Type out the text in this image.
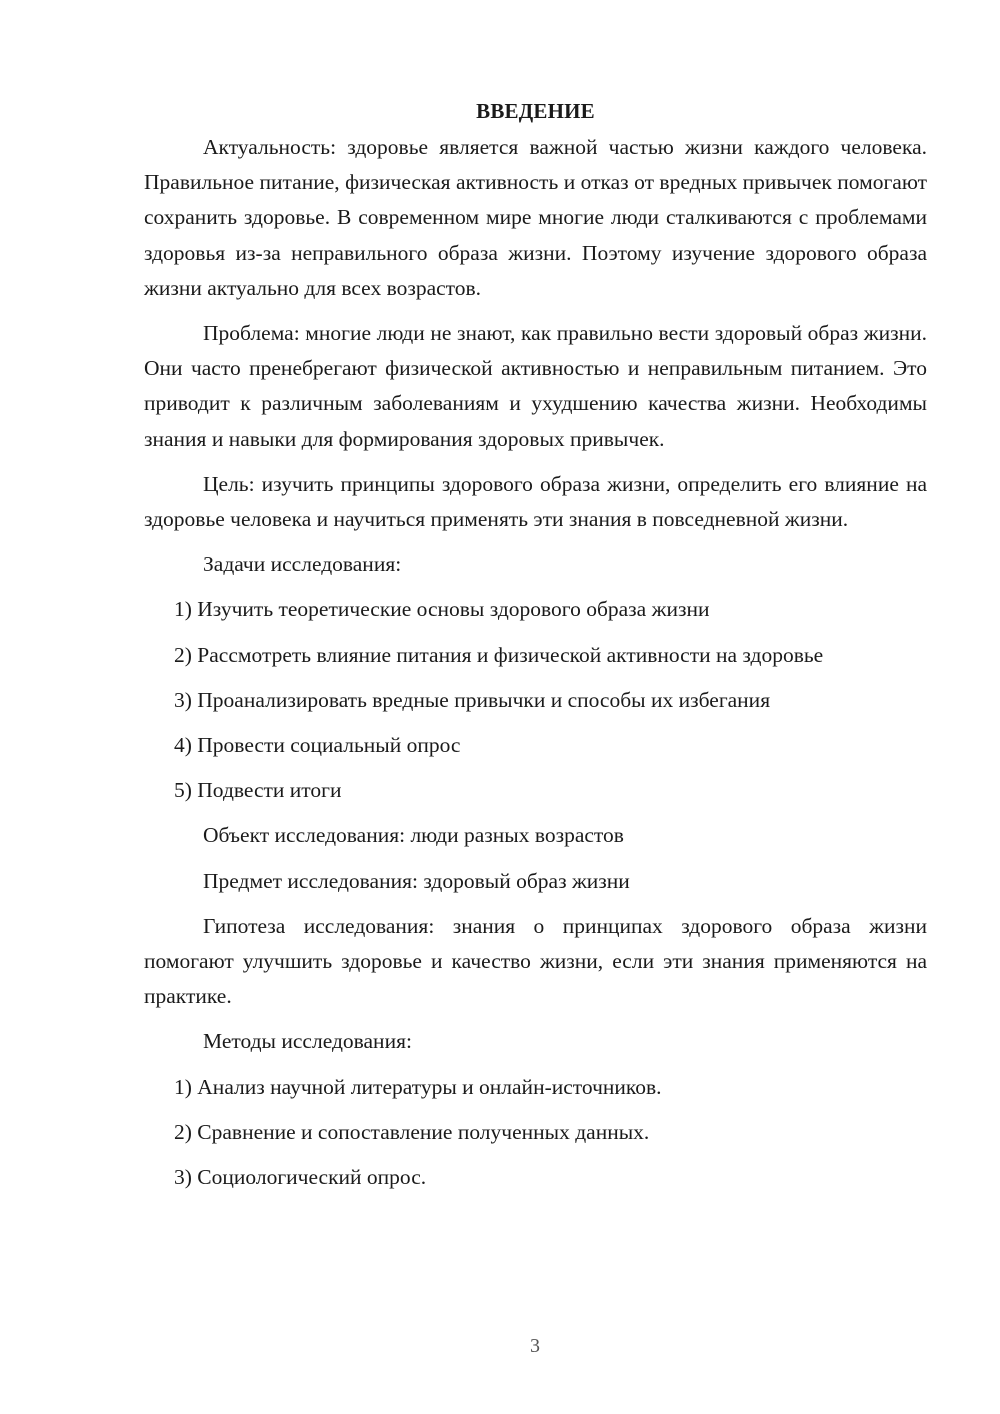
ВВЕДЕНИЕ

Актуальность: здоровье является важной частью жизни каждого человека. Правильное питание, физическая активность и отказ от вредных привычек помогают сохранить здоровье. В современном мире многие люди сталкиваются с проблемами здоровья из-за неправильного образа жизни. Поэтому изучение здорового образа жизни актуально для всех возрастов.

Проблема: многие люди не знают, как правильно вести здоровый образ жизни. Они часто пренебрегают физической активностью и неправильным питанием. Это приводит к различным заболеваниям и ухудшению качества жизни. Необходимы знания и навыки для формирования здоровых привычек.

Цель: изучить принципы здорового образа жизни, определить его влияние на здоровье человека и научиться применять эти знания в повседневной жизни.

Задачи исследования:
1) Изучить теоретические основы здорового образа жизни
2) Рассмотреть влияние питания и физической активности на здоровье
3) Проанализировать вредные привычки и способы их избегания
4) Провести социальный опрос
5) Подвести итоги
Объект исследования: люди разных возрастов
Предмет исследования: здоровый образ жизни

Гипотеза исследования: знания о принципах здорового образа жизни помогают улучшить здоровье и качество жизни, если эти знания применяются на практике.

Методы исследования:
1) Анализ научной литературы и онлайн-источников.
2) Сравнение и сопоставление полученных данных.
3) Социологический опрос.
3
